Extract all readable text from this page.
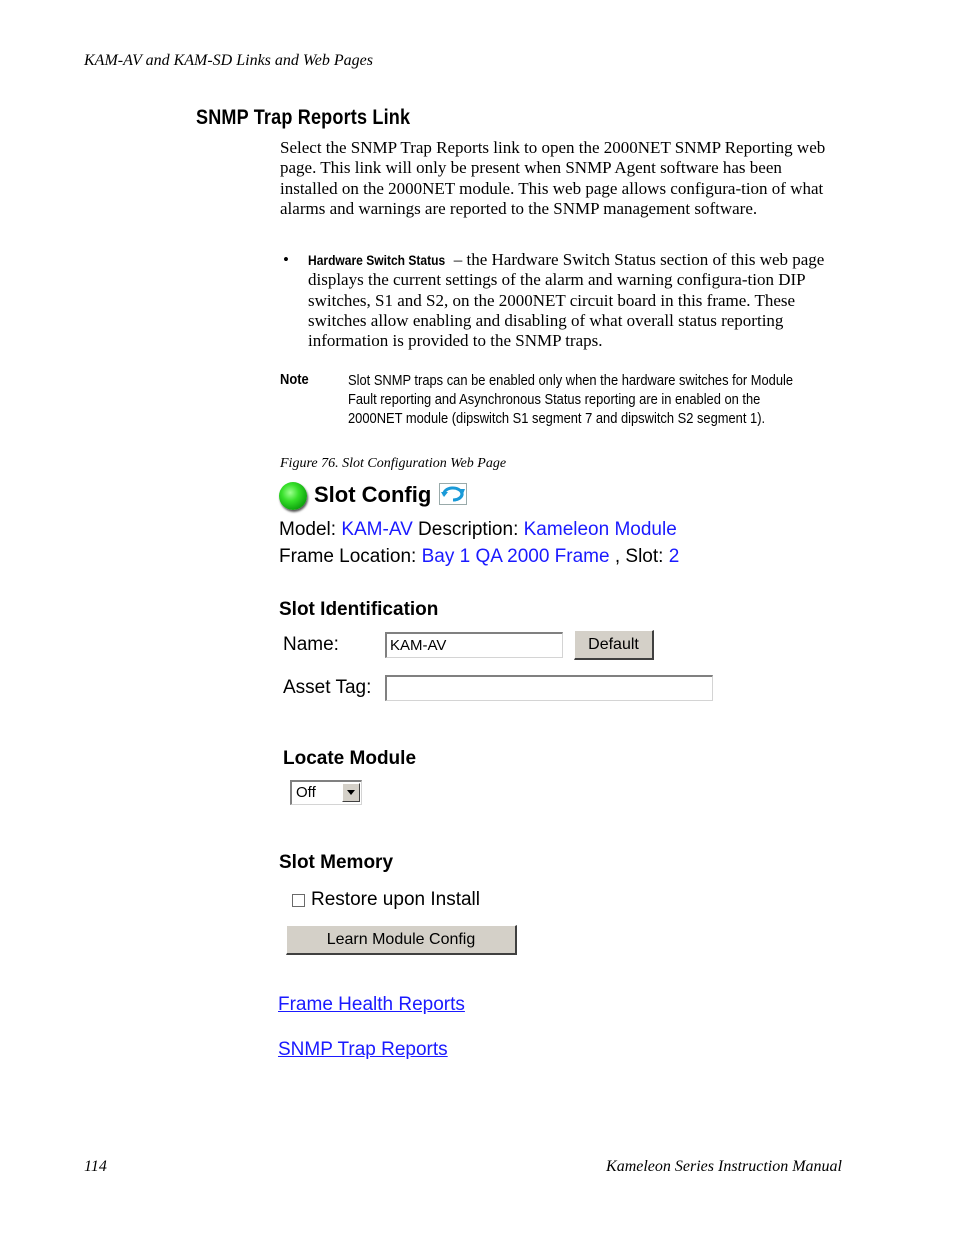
KAM-AV and KAM-SD Links and Web Pages
SNMP Trap Reports Link
Select the SNMP Trap Reports link to open the 2000NET SNMP Reporting web page. This link will only be present when SNMP Agent software has been installed on the 2000NET module. This web page allows configura-tion of what alarms and warnings are reported to the SNMP management software.
• Hardware Switch Status – the Hardware Switch Status section of this web page displays the current settings of the alarm and warning configura-tion DIP switches, S1 and S2, on the 2000NET circuit board in this frame. These switches allow enabling and disabling of what overall status reporting information is provided to the SNMP traps.
Note	Slot SNMP traps can be enabled only when the hardware switches for Module Fault reporting and Asynchronous Status reporting are in enabled on the 2000NET module (dipswitch S1 segment 7 and dipswitch S2 segment 1).
Figure 76. Slot Configuration Web Page
Slot Config
Model: KAM-AV Description: Kameleon Module
Frame Location: Bay 1 QA 2000 Frame , Slot: 2
Slot Identification
Name:
KAM-AV	Default
Asset Tag:
Locate Module
Off
Slot Memory
Restore upon Install
Learn Module Config
Frame Health Reports
SNMP Trap Reports
114	Kameleon Series Instruction Manual
